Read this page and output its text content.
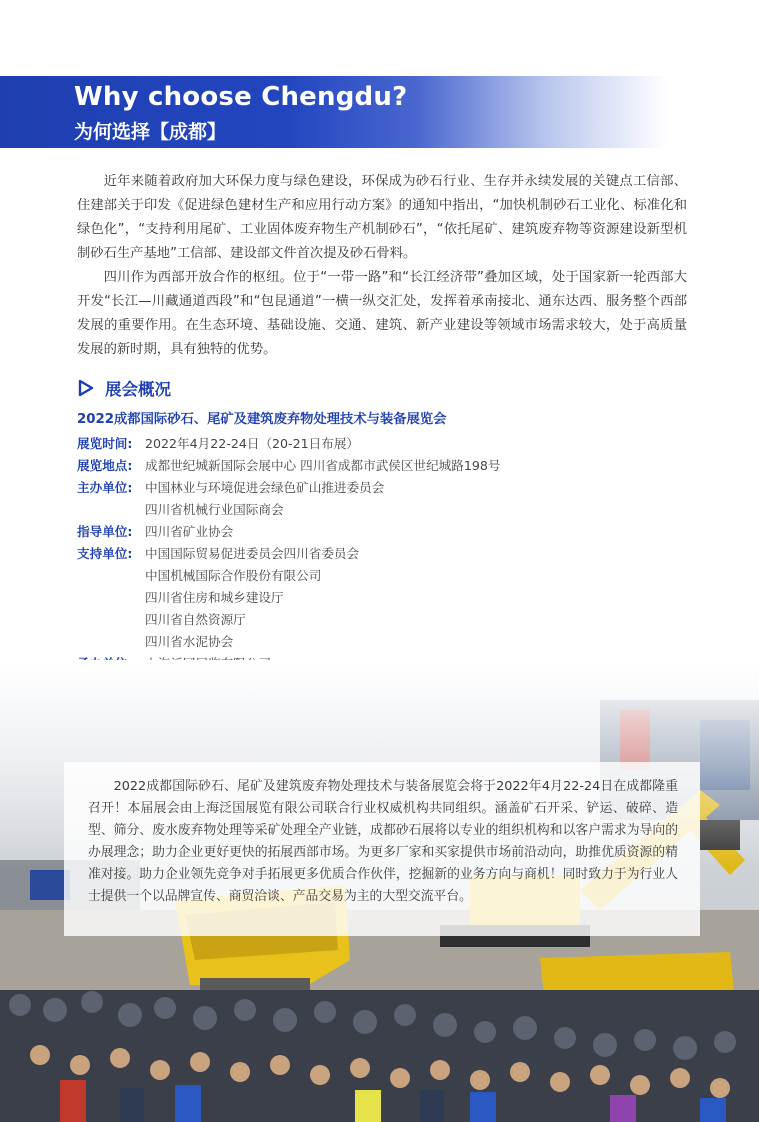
Why choose Chengdu?
为何选择【成都】

近年来随着政府加大环保力度与绿色建设，环保成为砂石行业、生存并永续发展的关键点工信部、住建部关于印发《促进绿色建材生产和应用行动方案》的通知中指出，“加快机制砂石工业化、标准化和绿色化”，“支持利用尾矿、工业固体废弃物生产机制砂石”，“依托尾矿、建筑废弃物等资源建设新型机制砂石生产基地”工信部、建设部文件首次提及砂石骨料。

四川作为西部开放合作的枢纽。位于“一带一路”和“长江经济带”叠加区域，处于国家新一轮西部大开发“长江—川藏通道西段”和“包昆通道”一横一纵交汇处，发挥着承南接北、通东达西、服务整个西部发展的重要作用。在生态环境、基础设施、交通、建筑、新产业建设等领域市场需求较大，处于高质量发展的新时期，具有独特的优势。

展会概况
2022成都国际砂石、尾矿及建筑废弃物处理技术与装备展览会
展览时间: 2022年4月22-24日（20-21日布展）
展览地点: 成都世纪城新国际会展中心 四川省成都市武侯区世纪城路198号
主办单位: 中国林业与环境促进会绿色矿山推进委员会
四川省机械行业国际商会
指导单位: 四川省矿业协会
支持单位: 中国国际贸易促进委员会四川省委员会
中国机械国际合作股份有限公司
四川省住房和城乡建设厅
四川省自然资源厅
四川省水泥协会

2022成都国际砂石、尾矿及建筑废弃物处理技术与装备展览会将于2022年4月22-24日在成都隆重召开！本届展会由上海泛国展览有限公司联合行业权威机构共同组织。涵盖矿石开采、铲运、破碎、造型、筛分、废水废弃物处理等采矿处理全产业链，成都砂石展将以专业的组织机构和以客户需求为导向的办展理念；助力企业更好更快的拓展西部市场。为更多厂家和买家提供市场前沿动向，助推优质资源的精准对接。助力企业领先竞争对手拓展更多优质合作伙伴，挖掘新的业务方向与商机！同时致力于为行业人士提供一个以品牌宣传、商贸洽谈、产品交易为主的大型交流平台。
